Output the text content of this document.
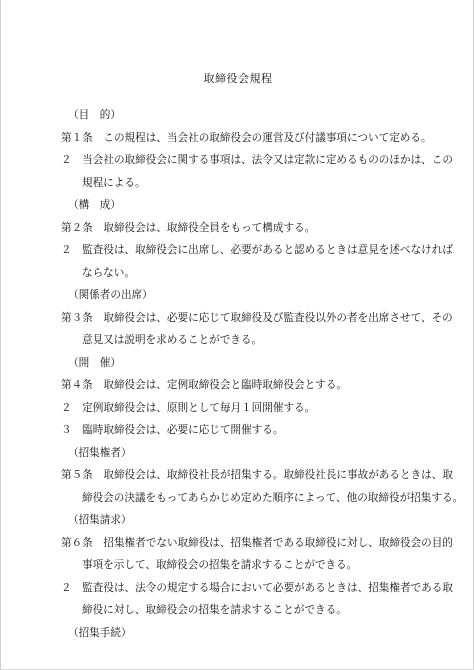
取締役会規程
（目　的）
第１条　この規程は、当会社の取締役会の運営及び付議事項について定める。
２　当会社の取締役会に関する事項は、法令又は定款に定めるもののほかは、この
規程による。
（構　成）
第２条　取締役会は、取締役全員をもって構成する。
２　監査役は、取締役会に出席し、必要があると認めるときは意見を述べなければ
ならない。
（関係者の出席）
第３条　取締役会は、必要に応じて取締役及び監査役以外の者を出席させて、その
意見又は説明を求めることができる。
（開　催）
第４条　取締役会は、定例取締役会と臨時取締役会とする。
２　定例取締役会は、原則として毎月１回開催する。
３　臨時取締役会は、必要に応じて開催する。
（招集権者）
第５条　取締役会は、取締役社長が招集する。取締役社長に事故があるときは、取
締役会の決議をもってあらかじめ定めた順序によって、他の取締役が招集する。
（招集請求）
第６条　招集権者でない取締役は、招集権者である取締役に対し、取締役会の目的
事項を示して、取締役会の招集を請求することができる。
２　監査役は、法令の規定する場合において必要があるときは、招集権者である取
締役に対し、取締役会の招集を請求することができる。
（招集手続）
